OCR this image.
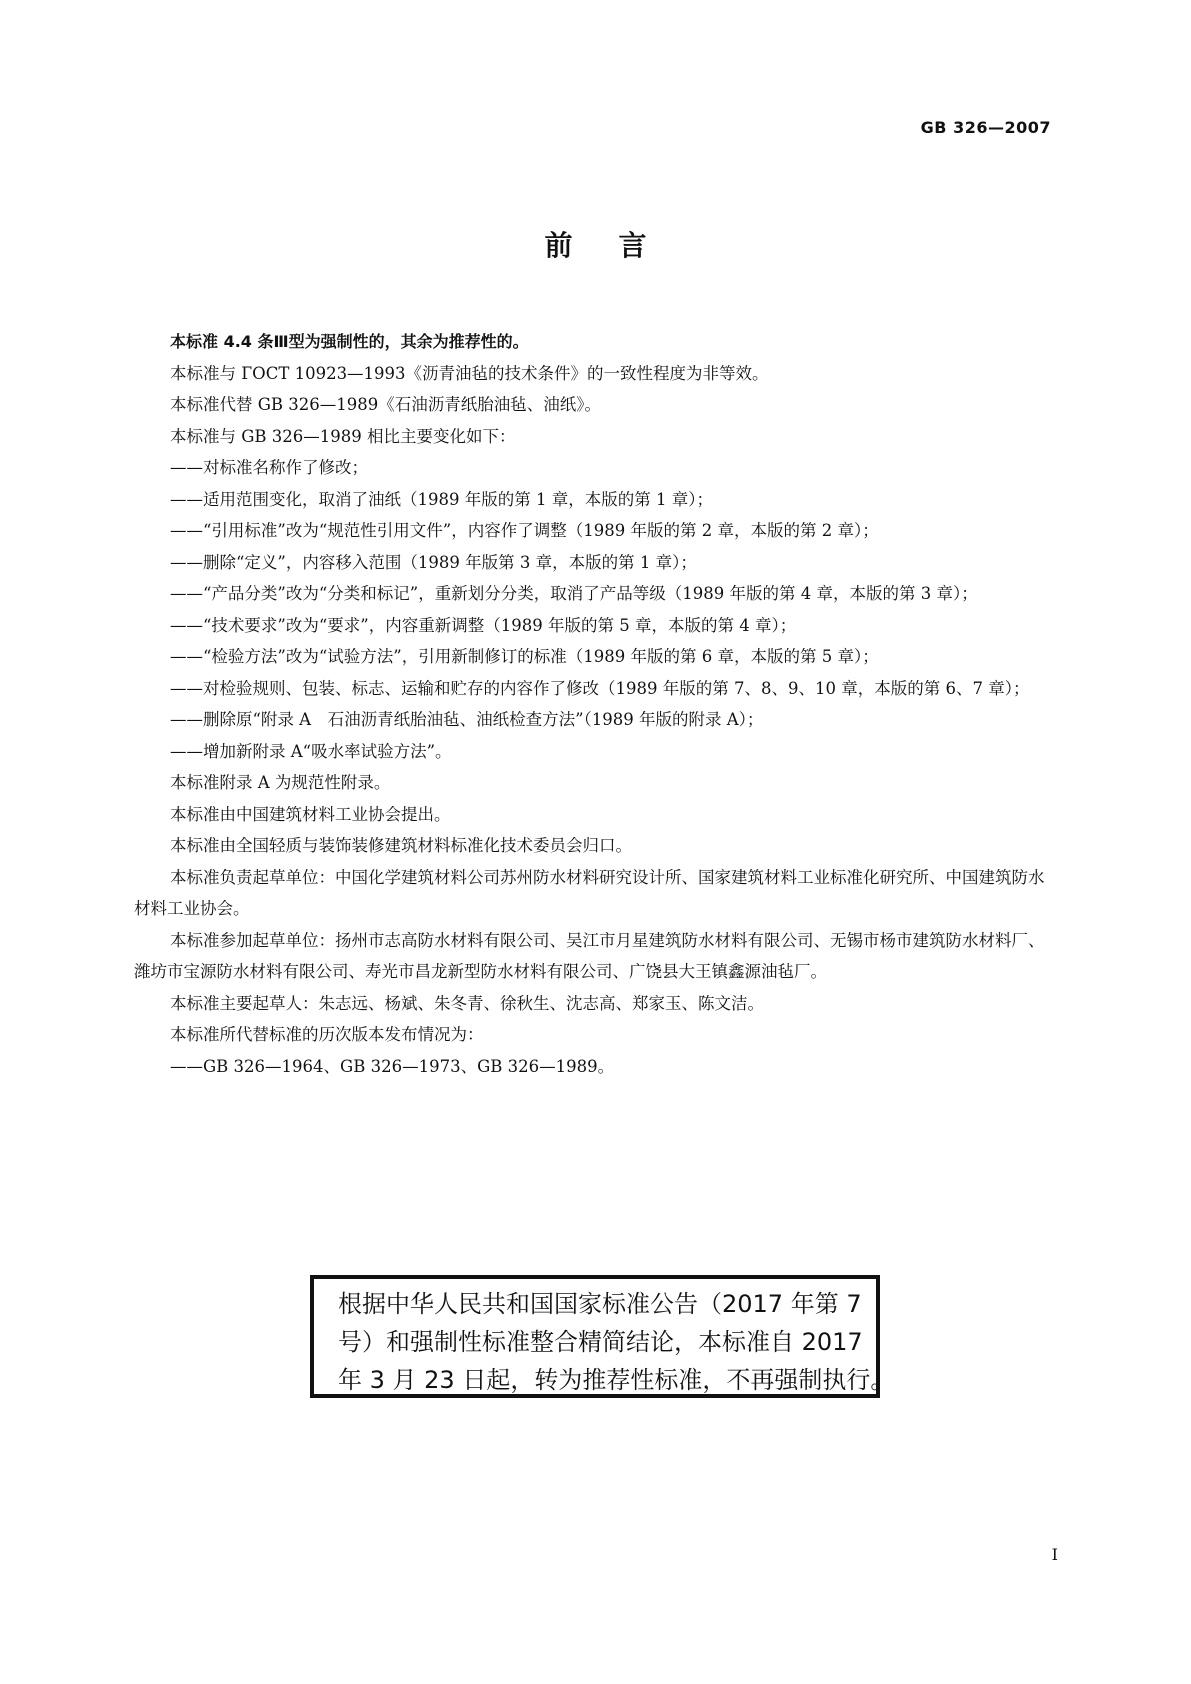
GB 326—2007
前言

本标准 4.4 条Ⅲ型为强制性的，其余为推荐性的。

本标准与 ГОСТ 10923—1993《沥青油毡的技术条件》的一致性程度为非等效。

本标准代替 GB 326—1989《石油沥青纸胎油毡、油纸》。

本标准与 GB 326—1989 相比主要变化如下：

——对标准名称作了修改；

——适用范围变化，取消了油纸（1989 年版的第 1 章，本版的第 1 章）；

——“引用标准”改为“规范性引用文件”，内容作了调整（1989 年版的第 2 章，本版的第 2 章）；

——删除“定义”，内容移入范围（1989 年版第 3 章，本版的第 1 章）；

——“产品分类”改为“分类和标记”，重新划分分类，取消了产品等级（1989 年版的第 4 章，本版的第 3 章）；

——“技术要求”改为“要求”，内容重新调整（1989 年版的第 5 章，本版的第 4 章）；

——“检验方法”改为“试验方法”，引用新制修订的标准（1989 年版的第 6 章，本版的第 5 章）；

——对检验规则、包装、标志、运输和贮存的内容作了修改（1989 年版的第 7、8、9、10 章，本版的第 6、7 章）；

——删除原“附录 A　石油沥青纸胎油毡、油纸检查方法”（1989 年版的附录 A）；

——增加新附录 A“吸水率试验方法”。

本标准附录 A 为规范性附录。

本标准由中国建筑材料工业协会提出。

本标准由全国轻质与装饰装修建筑材料标准化技术委员会归口。

本标准负责起草单位：中国化学建筑材料公司苏州防水材料研究设计所、国家建筑材料工业标准化研究所、中国建筑防水材料工业协会。

本标准参加起草单位：扬州市志高防水材料有限公司、吴江市月星建筑防水材料有限公司、无锡市杨市建筑防水材料厂、潍坊市宝源防水材料有限公司、寿光市昌龙新型防水材料有限公司、广饶县大王镇鑫源油毡厂。

本标准主要起草人：朱志远、杨斌、朱冬青、徐秋生、沈志高、郑家玉、陈文洁。

本标准所代替标准的历次版本发布情况为：

——GB 326—1964、GB 326—1973、GB 326—1989。

根据中华人民共和国国家标准公告（2017 年第 7

号）和强制性标准整合精简结论，本标准自 2017

年 3 月 23 日起，转为推荐性标准，不再强制执行。

I
